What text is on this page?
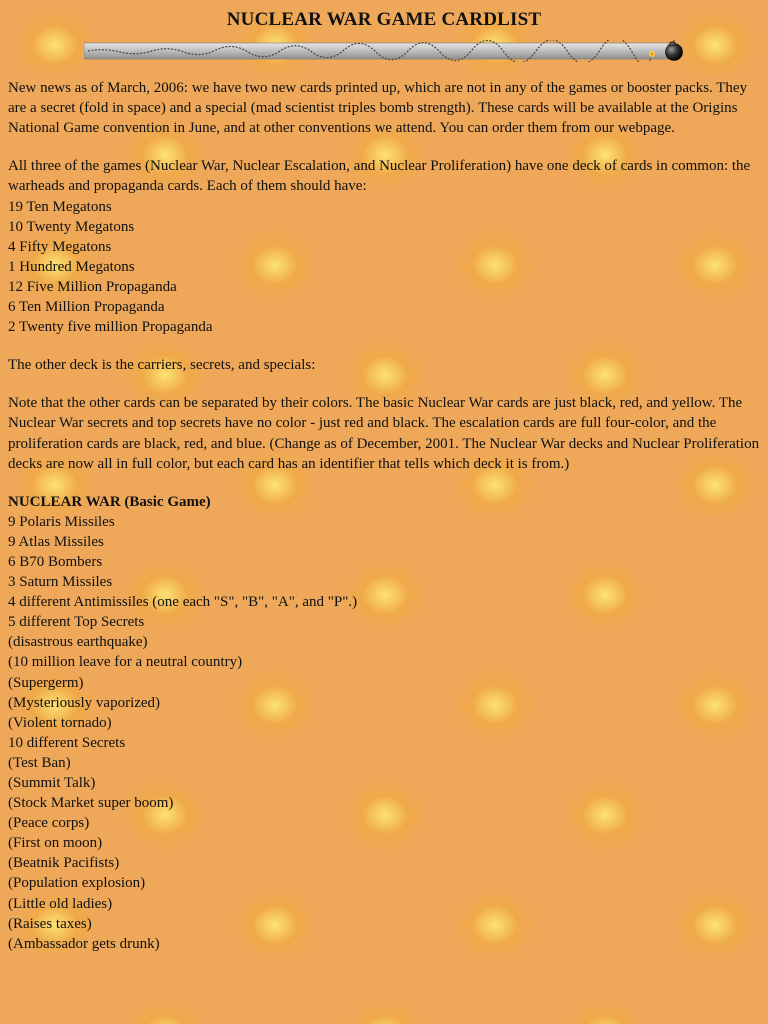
NUCLEAR WAR GAME CARDLIST

New news as of March, 2006: we have two new cards printed up, which are not in any of the games or booster packs. They are a secret (fold in space) and a special (mad scientist triples bomb strength). These cards will be available at the Origins National Game convention in June, and at other conventions we attend. You can order them from our webpage.

All three of the games (Nuclear War, Nuclear Escalation, and Nuclear Proliferation) have one deck of cards in common: the warheads and propaganda cards. Each of them should have:
19 Ten Megatons
10 Twenty Megatons
4 Fifty Megatons
1 Hundred Megatons
12 Five Million Propaganda
6 Ten Million Propaganda
2 Twenty five million Propaganda

The other deck is the carriers, secrets, and specials:

Note that the other cards can be separated by their colors. The basic Nuclear War cards are just black, red, and yellow. The Nuclear War secrets and top secrets have no color - just red and black. The escalation cards are full four-color, and the proliferation cards are black, red, and blue. (Change as of December, 2001. The Nuclear War decks and Nuclear Proliferation decks are now all in full color, but each card has an identifier that tells which deck it is from.)

NUCLEAR WAR (Basic Game)
9 Polaris Missiles
9 Atlas Missiles
6 B70 Bombers
3 Saturn Missiles
4 different Antimissiles (one each "S", "B", "A", and "P".)
5 different Top Secrets
(disastrous earthquake)
(10 million leave for a neutral country)
(Supergerm)
(Mysteriously vaporized)
(Violent tornado)
10 different Secrets
(Test Ban)
(Summit Talk)
(Stock Market super boom)
(Peace corps)
(First on moon)
(Beatnik Pacifists)
(Population explosion)
(Little old ladies)
(Raises taxes)
(Ambassador gets drunk)
